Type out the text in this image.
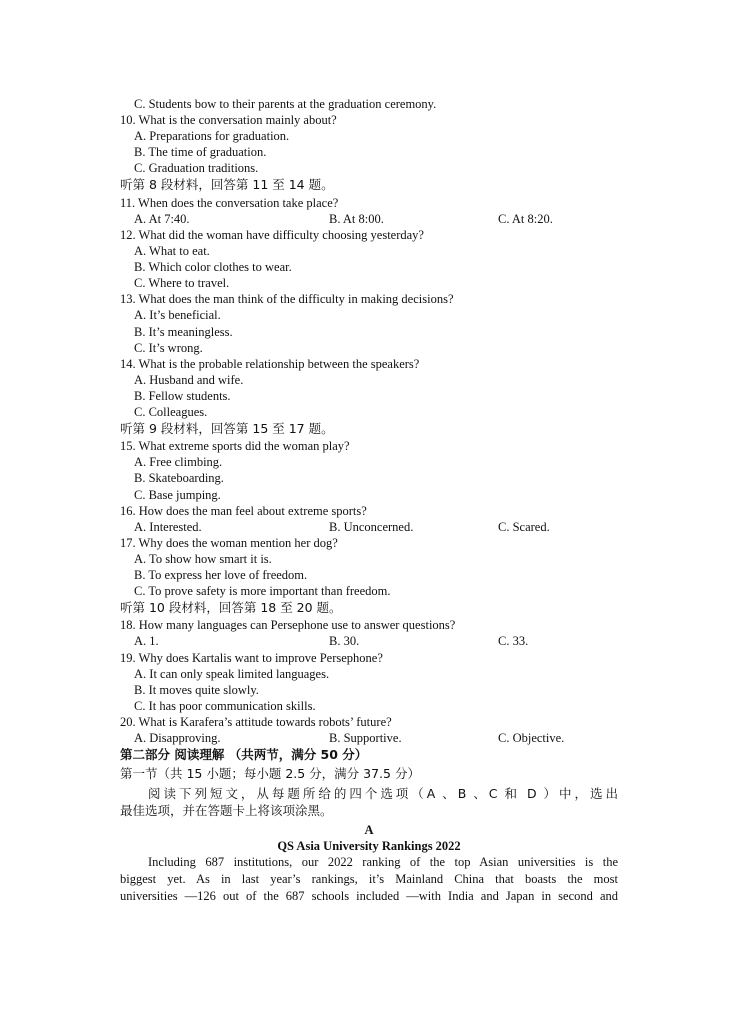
C. Students bow to their parents at the graduation ceremony.
10. What is the conversation mainly about?
A. Preparations for graduation.
B. The time of graduation.
C. Graduation traditions.
听第 8 段材料，回答第 11 至 14 题。
11. When does the conversation take place?
A. At 7:40.	B. At 8:00.	C. At 8:20.
12. What did the woman have difficulty choosing yesterday?
A. What to eat.
B. Which color clothes to wear.
C. Where to travel.
13. What does the man think of the difficulty in making decisions?
A. It’s beneficial.
B. It’s meaningless.
C. It’s wrong.
14. What is the probable relationship between the speakers?
A. Husband and wife.
B. Fellow students.
C. Colleagues.
听第 9 段材料，回答第 15 至 17 题。
15. What extreme sports did the woman play?
A. Free climbing.
B. Skateboarding.
C. Base jumping.
16. How does the man feel about extreme sports?
A. Interested.	B. Unconcerned.	C. Scared.
17. Why does the woman mention her dog?
A. To show how smart it is.
B. To express her love of freedom.
C. To prove safety is more important than freedom.
听第 10 段材料，回答第 18 至 20 题。
18. How many languages can Persephone use to answer questions?
A. 1.	B. 30.	C. 33.
19. Why does Kartalis want to improve Persephone?
A. It can only speak limited languages.
B. It moves quite slowly.
C. It has poor communication skills.
20. What is Karafera’s attitude towards robots’ future?
A. Disapproving.	B. Supportive.	C. Objective.
第二部分 阅读理解 （共两节，满分 50 分）
第一节（共 15 小题；每小题 2.5 分，满分 37.5 分）
阅读下列短文，从每题所给的四个选项（A 、B 、C 和 D ）中，选出
最佳选项，并在答题卡上将该项涂黑。
A
QS Asia University Rankings 2022
Including 687 institutions, our 2022 ranking of the top Asian universities is the
biggest yet. As in last year’s rankings, it’s Mainland China that boasts the most
universities —126 out of the 687 schools included —with India and Japan in second and
